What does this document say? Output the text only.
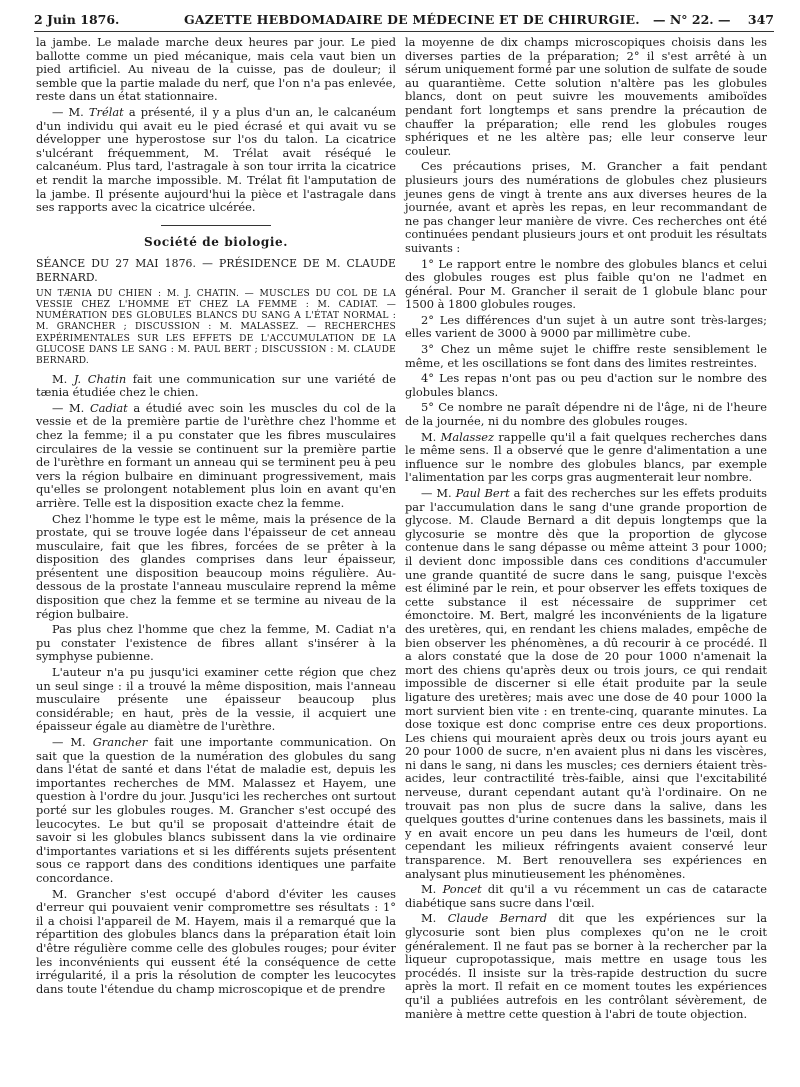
2 Juin 1876.	GAZETTE HEBDOMADAIRE DE MÉDECINE ET DE CHIRURGIE. — N° 22. — 347

la jambe. Le malade marche deux heures par jour. Le pied ballotte comme un pied mécanique, mais cela vaut bien un pied artificiel. Au niveau de la cuisse, pas de douleur; il semble que la partie malade du nerf, que l'on n'a pas enlevée, reste dans un état stationnaire.

— M. Trélat a présenté, il y a plus d'un an, le calcanéum d'un individu qui avait eu le pied écrasé et qui avait vu se développer une hyperostose sur l'os du talon. La cicatrice s'ulcérant fréquemment, M. Trélat avait réséqué le calcanéum. Plus tard, l'astragale à son tour irrita la cicatrice et rendit la marche impossible. M. Trélat fit l'amputation de la jambe. Il présente aujourd'hui la pièce et l'astragale dans ses rapports avec la cicatrice ulcérée.

Société de biologie.

SÉANCE DU 27 MAI 1876. — PRÉSIDENCE DE M. CLAUDE BERNARD.

UN TÆNIA DU CHIEN : M. J. CHATIN. — MUSCLES DU COL DE LA VESSIE CHEZ L'HOMME ET CHEZ LA FEMME : M. CADIAT. — NUMÉRATION DES GLOBULES BLANCS DU SANG A L'ÉTAT NORMAL : M. GRANCHER ; DISCUSSION : M. MALASSEZ. — RECHERCHES EXPÉRIMENTALES SUR LES EFFETS DE L'ACCUMULATION DE LA GLUCOSE DANS LE SANG : M. PAUL BERT ; DISCUSSION : M. CLAUDE BERNARD.

M. J. Chatin fait une communication sur une variété de tænia étudiée chez le chien.

— M. Cadiat a étudié avec soin les muscles du col de la vessie et de la première partie de l'urèthre chez l'homme et chez la femme; il a pu constater que les fibres musculaires circulaires de la vessie se continuent sur la première partie de l'urèthre en formant un anneau qui se terminent peu à peu vers la région bulbaire en diminuant progressivement, mais qu'elles se prolongent notablement plus loin en avant qu'en arrière. Telle est la disposition exacte chez la femme.

Chez l'homme le type est le même, mais la présence de la prostate, qui se trouve logée dans l'épaisseur de cet anneau musculaire, fait que les fibres, forcées de se prêter à la disposition des glandes comprises dans leur épaisseur, présentent une disposition beaucoup moins régulière. Au-dessous de la prostate l'anneau musculaire reprend la même disposition que chez la femme et se termine au niveau de la région bulbaire.

Pas plus chez l'homme que chez la femme, M. Cadiat n'a pu constater l'existence de fibres allant s'insérer à la symphyse pubienne.

L'auteur n'a pu jusqu'ici examiner cette région que chez un seul singe : il a trouvé la même disposition, mais l'anneau musculaire présente une épaisseur beaucoup plus considérable; en haut, près de la vessie, il acquiert une épaisseur égale au diamètre de l'urèthre.

— M. Grancher fait une importante communication. On sait que la question de la numération des globules du sang dans l'état de santé et dans l'état de maladie est, depuis les importantes recherches de MM. Malassez et Hayem, une question à l'ordre du jour. Jusqu'ici les recherches ont surtout porté sur les globules rouges. M. Grancher s'est occupé des leucocytes. Le but qu'il se proposait d'atteindre était de savoir si les globules blancs subissent dans la vie ordinaire d'importantes variations et si les différents sujets présentent sous ce rapport dans des conditions identiques une parfaite concordance.

M. Grancher s'est occupé d'abord d'éviter les causes d'erreur qui pouvaient venir compromettre ses résultats : 1° il a choisi l'appareil de M. Hayem, mais il a remarqué que la répartition des globules blancs dans la préparation était loin d'être régulière comme celle des globules rouges; pour éviter les inconvénients qui eussent été la conséquence de cette irrégularité, il a pris la résolution de compter les leucocytes dans toute l'étendue du champ microscopique et de prendre

la moyenne de dix champs microscopiques choisis dans les diverses parties de la préparation; 2° il s'est arrêté à un sérum uniquement formé par une solution de sulfate de soude au quarantième. Cette solution n'altère pas les globules blancs, dont on peut suivre les mouvements amiboïdes pendant fort longtemps et sans prendre la précaution de chauffer la préparation; elle rend les globules rouges sphériques et ne les altère pas; elle leur conserve leur couleur.

Ces précautions prises, M. Grancher a fait pendant plusieurs jours des numérations de globules chez plusieurs jeunes gens de vingt à trente ans aux diverses heures de la journée, avant et après les repas, en leur recommandant de ne pas changer leur manière de vivre. Ces recherches ont été continuées pendant plusieurs jours et ont produit les résultats suivants :

1° Le rapport entre le nombre des globules blancs et celui des globules rouges est plus faible qu'on ne l'admet en général. Pour M. Grancher il serait de 1 globule blanc pour 1500 à 1800 globules rouges.

2° Les différences d'un sujet à un autre sont très-larges; elles varient de 3000 à 9000 par millimètre cube.

3° Chez un même sujet le chiffre reste sensiblement le même, et les oscillations se font dans des limites restreintes.

4° Les repas n'ont pas ou peu d'action sur le nombre des globules blancs.

5° Ce nombre ne paraît dépendre ni de l'âge, ni de l'heure de la journée, ni du nombre des globules rouges.

M. Malassez rappelle qu'il a fait quelques recherches dans le même sens. Il a observé que le genre d'alimentation a une influence sur le nombre des globules blancs, par exemple l'alimentation par les corps gras augmenterait leur nombre.

— M. Paul Bert a fait des recherches sur les effets produits par l'accumulation dans le sang d'une grande proportion de glycose. M. Claude Bernard a dit depuis longtemps que la glycosurie se montre dès que la proportion de glycose contenue dans le sang dépasse ou même atteint 3 pour 1000; il devient donc impossible dans ces conditions d'accumuler une grande quantité de sucre dans le sang, puisque l'excès est éliminé par le rein, et pour observer les effets toxiques de cette substance il est nécessaire de supprimer cet émonctoire. M. Bert, malgré les inconvénients de la ligature des uretères, qui, en rendant les chiens malades, empêche de bien observer les phénomènes, a dû recourir à ce procédé. Il a alors constaté que la dose de 20 pour 1000 n'amenait la mort des chiens qu'après deux ou trois jours, ce qui rendait impossible de discerner si elle était produite par la seule ligature des uretères; mais avec une dose de 40 pour 1000 la mort survient bien vite : en trente-cinq, quarante minutes. La dose toxique est donc comprise entre ces deux proportions. Les chiens qui mouraient après deux ou trois jours ayant eu 20 pour 1000 de sucre, n'en avaient plus ni dans les viscères, ni dans le sang, ni dans les muscles; ces derniers étaient très-acides, leur contractilité très-faible, ainsi que l'excitabilité nerveuse, durant cependant autant qu'à l'ordinaire. On ne trouvait pas non plus de sucre dans la salive, dans les quelques gouttes d'urine contenues dans les bassinets, mais il y en avait encore un peu dans les humeurs de l'œil, dont cependant les milieux réfringents avaient conservé leur transparence. M. Bert renouvellera ses expériences en analysant plus minutieusement les phénomènes.

M. Poncet dit qu'il a vu récemment un cas de cataracte diabétique sans sucre dans l'œil.

M. Claude Bernard dit que les expériences sur la glycosurie sont bien plus complexes qu'on ne le croit généralement. Il ne faut pas se borner à la rechercher par la liqueur cupropotassique, mais mettre en usage tous les procédés. Il insiste sur la très-rapide destruction du sucre après la mort. Il refait en ce moment toutes les expériences qu'il a publiées autrefois en les contrôlant sévèrement, de manière à mettre cette question à l'abri de toute objection.
